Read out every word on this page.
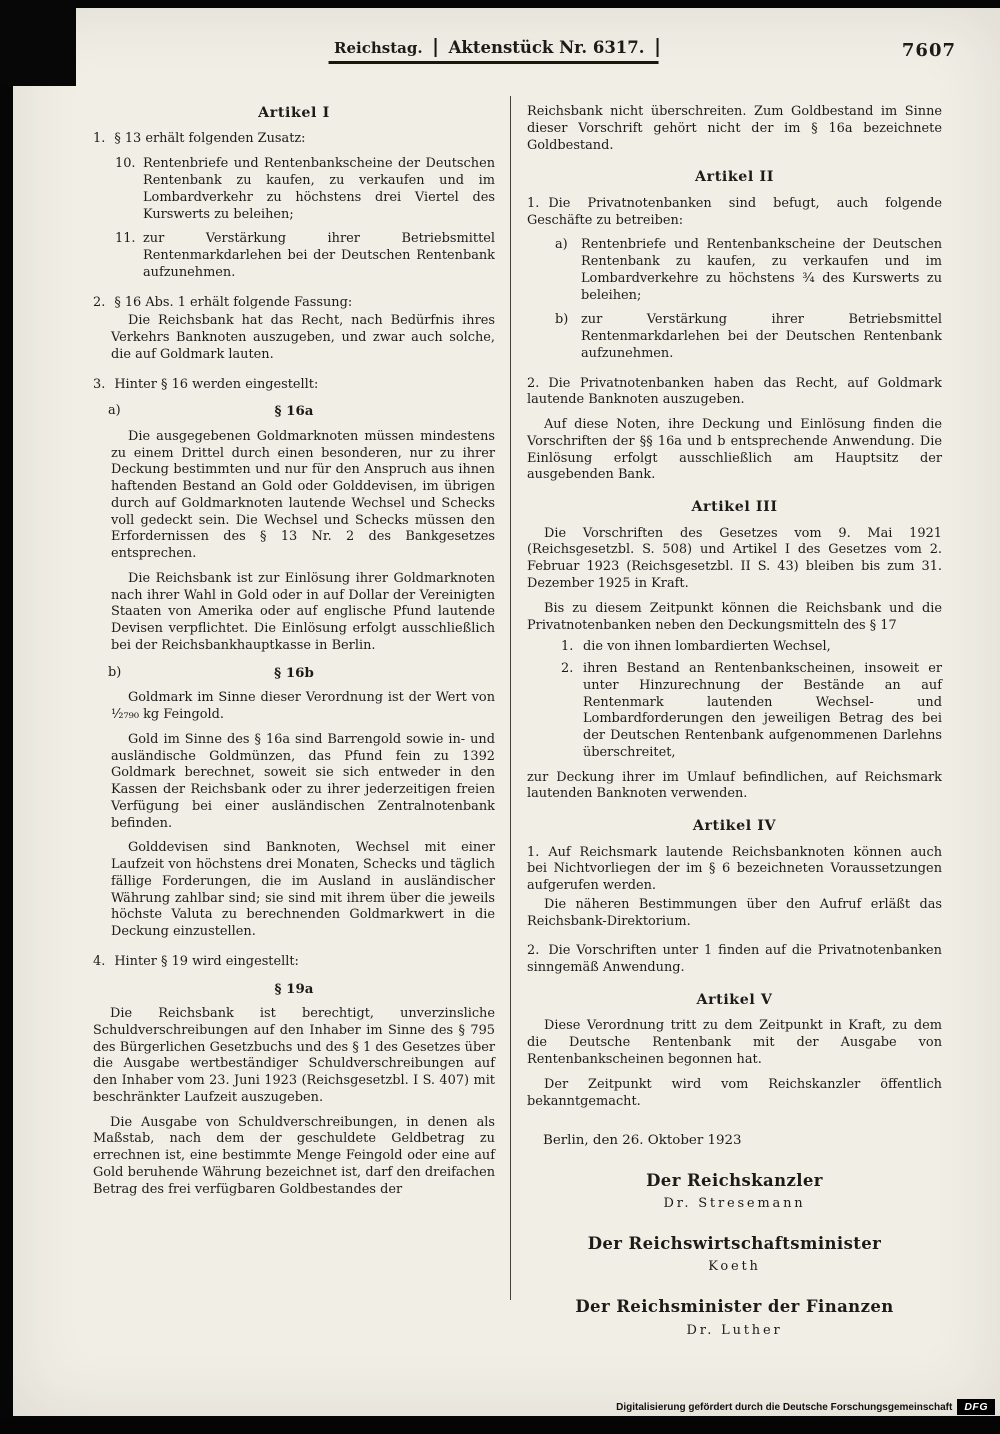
Reichstag.	Aktenstück Nr. 6317.	7607

Artikel I

1. § 13 erhält folgenden Zusatz:

10. Rentenbriefe und Rentenbankscheine der Deutschen Rentenbank zu kaufen, zu verkaufen und im Lombardverkehr zu höchstens drei Viertel des Kurswerts zu beleihen;

11. zur Verstärkung ihrer Betriebsmittel Rentenmarkdarlehen bei der Deutschen Rentenbank aufzunehmen.

2. § 16 Abs. 1 erhält folgende Fassung:

Die Reichsbank hat das Recht, nach Bedürfnis ihres Verkehrs Banknoten auszugeben, und zwar auch solche, die auf Goldmark lauten.

3. Hinter § 16 werden eingestellt:

a)	§ 16a

Die ausgegebenen Goldmarknoten müssen mindestens zu einem Drittel durch einen besonderen, nur zu ihrer Deckung bestimmten und nur für den Anspruch aus ihnen haftenden Bestand an Gold oder Golddevisen, im übrigen durch auf Goldmarknoten lautende Wechsel und Schecks voll gedeckt sein. Die Wechsel und Schecks müssen den Erfordernissen des § 13 Nr. 2 des Bankgesetzes entsprechen.

Die Reichsbank ist zur Einlösung ihrer Goldmarknoten nach ihrer Wahl in Gold oder in auf Dollar der Vereinigten Staaten von Amerika oder auf englische Pfund lautende Devisen verpflichtet. Die Einlösung erfolgt ausschließlich bei der Reichsbankhauptkasse in Berlin.

b)	§ 16b

Goldmark im Sinne dieser Verordnung ist der Wert von ¹⁄₂₇₉₀ kg Feingold.

Gold im Sinne des § 16a sind Barrengold sowie in- und ausländische Goldmünzen, das Pfund fein zu 1392 Goldmark berechnet, soweit sie sich entweder in den Kassen der Reichsbank oder zu ihrer jederzeitigen freien Verfügung bei einer ausländischen Zentralnotenbank befinden.

Golddevisen sind Banknoten, Wechsel mit einer Laufzeit von höchstens drei Monaten, Schecks und täglich fällige Forderungen, die im Ausland in ausländischer Währung zahlbar sind; sie sind mit ihrem über die jeweils höchste Valuta zu berechnenden Goldmarkwert in die Deckung einzustellen.

4. Hinter § 19 wird eingestellt:

§ 19a

Die Reichsbank ist berechtigt, unverzinsliche Schuldverschreibungen auf den Inhaber im Sinne des § 795 des Bürgerlichen Gesetzbuchs und des § 1 des Gesetzes über die Ausgabe wertbeständiger Schuldverschreibungen auf den Inhaber vom 23. Juni 1923 (Reichsgesetzbl. I S. 407) mit beschränkter Laufzeit auszugeben.

Die Ausgabe von Schuldverschreibungen, in denen als Maßstab, nach dem der geschuldete Geldbetrag zu errechnen ist, eine bestimmte Menge Feingold oder eine auf Gold beruhende Währung bezeichnet ist, darf den dreifachen Betrag des frei verfügbaren Goldbestandes der

Reichsbank nicht überschreiten. Zum Goldbestand im Sinne dieser Vorschrift gehört nicht der im § 16a bezeichnete Goldbestand.

Artikel II

1. Die Privatnotenbanken sind befugt, auch folgende Geschäfte zu betreiben:

a)	Rentenbriefe und Rentenbankscheine der Deutschen Rentenbank zu kaufen, zu verkaufen und im Lombardverkehre zu höchstens ³⁄₄ des Kurswerts zu beleihen;

b) zur Verstärkung ihrer Betriebsmittel Rentenmarkdarlehen bei der Deutschen Rentenbank aufzunehmen.

2. Die Privatnotenbanken haben das Recht, auf Goldmark lautende Banknoten auszugeben.

Auf diese Noten, ihre Deckung und Einlösung finden die Vorschriften der §§ 16a und b entsprechende Anwendung. Die Einlösung erfolgt ausschließlich am Hauptsitz der ausgebenden Bank.

Artikel III

Die Vorschriften des Gesetzes vom 9. Mai 1921 (Reichsgesetzbl. S. 508) und Artikel I des Gesetzes vom 2. Februar 1923 (Reichsgesetzbl. II S. 43) bleiben bis zum 31. Dezember 1925 in Kraft.

Bis zu diesem Zeitpunkt können die Reichsbank und die Privatnotenbanken neben den Deckungsmitteln des § 17

1. die von ihnen lombardierten Wechsel,

2. ihren Bestand an Rentenbankscheinen, insoweit er unter Hinzurechnung der Bestände an auf Rentenmark lautenden Wechsel- und Lombardforderungen den jeweiligen Betrag des bei der Deutschen Rentenbank aufgenommenen Darlehns überschreitet,

zur Deckung ihrer im Umlauf befindlichen, auf Reichsmark lautenden Banknoten verwenden.

Artikel IV

1. Auf Reichsmark lautende Reichsbanknoten können auch bei Nichtvorliegen der im § 6 bezeichneten Voraussetzungen aufgerufen werden.

Die näheren Bestimmungen über den Aufruf erläßt das Reichsbank-Direktorium.

2. Die Vorschriften unter 1 finden auf die Privatnotenbanken sinngemäß Anwendung.

Artikel V

Diese Verordnung tritt zu dem Zeitpunkt in Kraft, zu dem die Deutsche Rentenbank mit der Ausgabe von Rentenbankscheinen begonnen hat.

Der Zeitpunkt wird vom Reichskanzler öffentlich bekanntgemacht.

Berlin, den 26. Oktober 1923

Der Reichskanzler

Dr. Stresemann

Der Reichswirtschaftsminister

Koeth

Der Reichsminister der Finanzen

Dr. Luther

Digitalisierung gefördert durch die Deutsche Forschungsgemeinschaft	DFG
